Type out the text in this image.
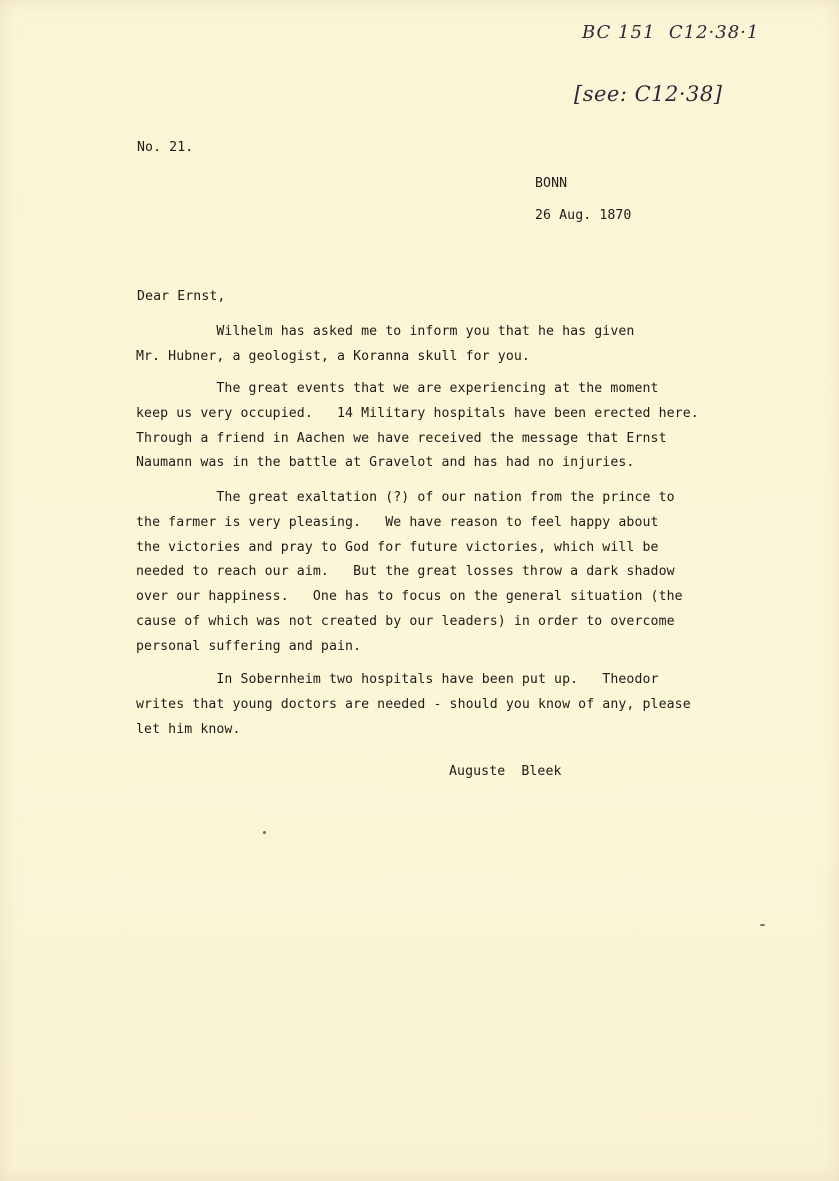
BC 151  C12·38·1
[see: C12·38]
No. 21.
BONN
26 Aug. 1870
Dear Ernst,
Wilhelm has asked me to inform you that he has given
Mr. Hubner, a geologist, a Koranna skull for you.
The great events that we are experiencing at the moment
keep us very occupied.   14 Military hospitals have been erected here.
Through a friend in Aachen we have received the message that Ernst
Naumann was in the battle at Gravelot and has had no injuries.
The great exaltation (?) of our nation from the prince to
the farmer is very pleasing.   We have reason to feel happy about
the victories and pray to God for future victories, which will be
needed to reach our aim.   But the great losses throw a dark shadow
over our happiness.   One has to focus on the general situation (the
cause of which was not created by our leaders) in order to overcome
personal suffering and pain.
In Sobernheim two hospitals have been put up.   Theodor
writes that young doctors are needed - should you know of any, please
let him know.
Auguste  Bleek
